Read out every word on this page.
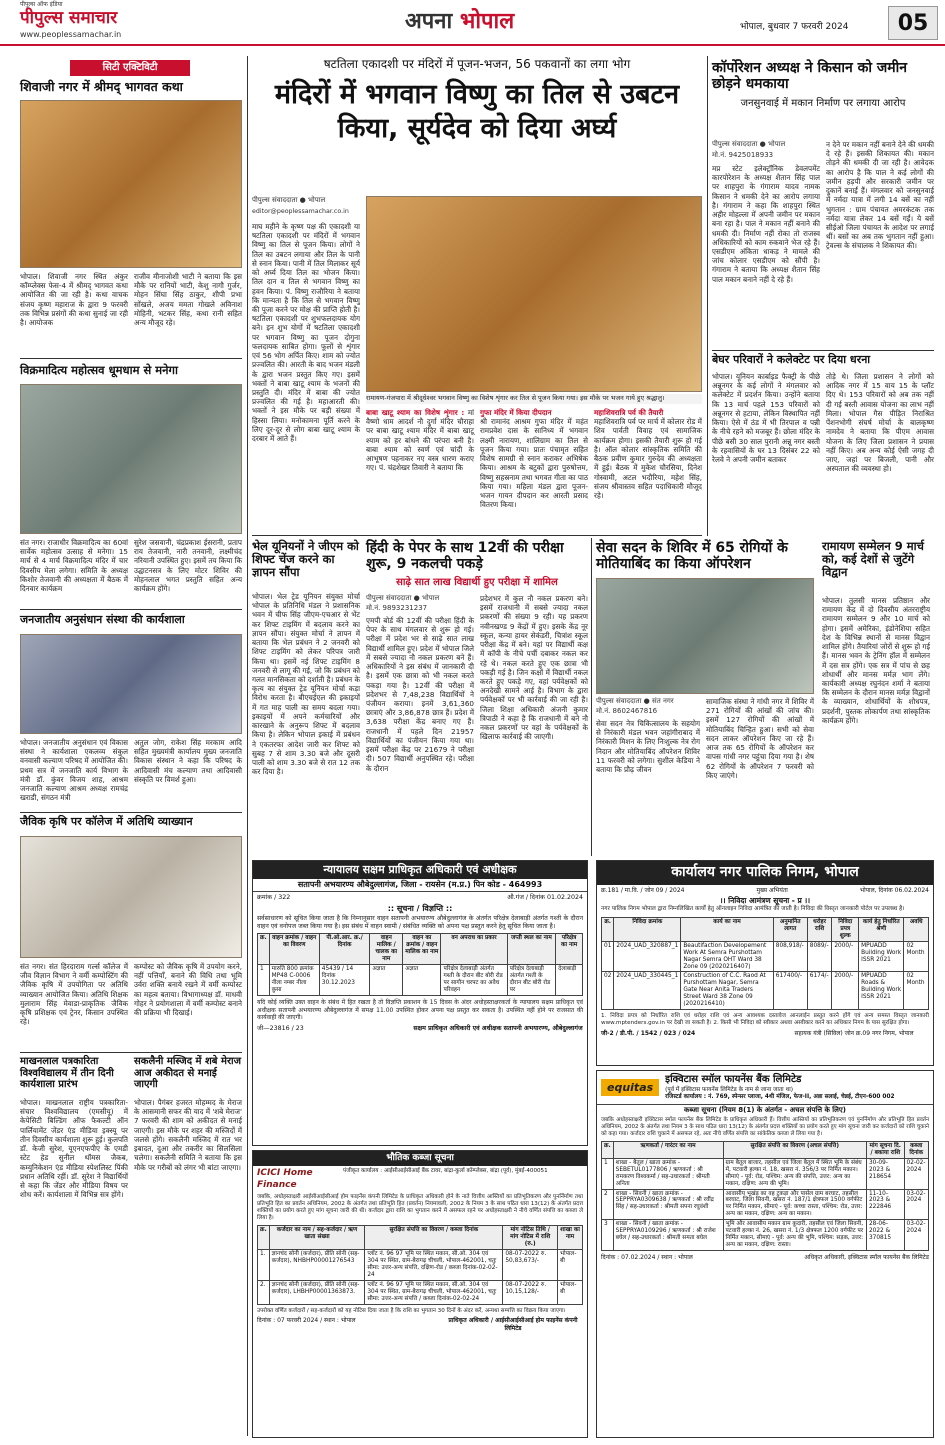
पीपुल्स ऑफ इंडिया
पीपुल्स समाचार
www.peoplessamachar.in
अपना भोपाल	भोपाल, बुधवार 7 फरवरी 2024	05
सिटी एक्टिविटी
शिवाजी नगर में श्रीमद् भागवत कथा
भोपाल। शिवाजी नगर स्थित अंकुर कॉम्प्लेक्स फेस-4 में श्रीमद् भागवत कथा आयोजित की जा रही है। कथा वाचक संजय कृष्ण महाराज के द्वारा 9 फरवरी तक विभिन्न प्रसंगों की कथा सुनाई जा रही है। आयोजक
राजीव मीनाजोशी भाटी ने बताया कि इस मौके पर रानियों भाटी, केशु नागौ गुर्जर, मोहन सिंघा सिंह ठाकुर, शीपी प्रभा सोंखले, अजय ममता गोखले अविनाश मोहिनी, भटकर सिंह, कथा रानी सहित अन्य मौजूद रहे।
विक्रमादित्य महोत्सव धूमधाम से मनेगा
संत नगर। राजाधीर विक्रमादित्य का 60वां सार्वेक महोत्सव उत्साह से मनेगा। 15 मार्च से 4 मार्च विक्रमादित्य मंदिर में चार दिवसीय मेला लगेगा। समिति के अध्यक्ष किशोर तेजवानी की अध्यक्षता में बैठक में दिनवार कार्यक्रम
सुरेश जसवानी, चंद्रप्रकाश ईसरानी, प्रताप राय तेजवानी, नारी तनवानी, लक्ष्मीचंद नरियानी उपस्थित हुए। इसमें तय किया कि उद्घाटनसत्र के लिए मोटर शिविर की मोहनलाल भगत प्रस्तुति सहित अन्य कार्यक्रम होंगे।
जनजातीय अनुसंधान संस्था की कार्यशाला
भोपाल। जनजातीय अनुसंधान एवं विकास संस्था ने कार्यशाला एकलव्य संकुल वनवासी कल्याण परिषद में आयोजित की। प्रथम सत्र में जनजाति कार्य विभाग के मंत्री डॉ. कुंवर विजय शाह, आश्रम जनजाति कल्याण आश्रम अध्यक्ष रामचंद्र खराडी, संगठन मंत्री
अतुल जोग, राकेश सिंह मरकाम आदि सहित मुख्यमंत्री कार्यालय मुख्य जनजाति विकास संस्थान ने कहा कि परिषद के आदिवासी मंच कल्याण तथा आदिवासी संस्कृति पर विमर्श हुआ।
जैविक कृषि पर कॉलेज में अतिथि व्याख्यान
संत नगर। संत हिरदाराम गर्ल्स कॉलेज में जीव विज्ञान विभाग ने वर्मी कम्पोस्टिंग की जैविक कृषि में उपयोगिता पर अतिथि व्याख्यान आयोजित किया। अतिथि शिक्षक मुलाराम सिंह मेवाडा-प्राकृतिक जैविक कृषि प्रशिक्षक एवं ट्रेनर, किसान उपस्थित रहे।
कम्पोस्ट को जैविक कृषि में उपयोग करने, नहीं पत्तियाँ, बनाने की विधि तथा भूमि उर्वरा शक्ति बनाये रखने में वर्मी कम्पोस्ट का महत्व बताया। विभागाध्यक्ष डॉ. माधवी गोहर ने प्रयोगशाला में वर्मी कम्पोस्ट बनाने की प्रक्रिया भी दिखाई।
माखनलाल पत्रकारिता विश्वविद्यालय में तीन दिनी कार्यशाला प्रारंभ
भोपाल। माखनलाल राष्ट्रीय पत्रकारिता-संचार विश्वविद्यालय (एमसीयू) में केपेसिटी बिल्डिंग ऑफ फैकल्टी ऑन पार्लियामेंट जेंडर एंड मीडिया इक्स्यू पर तीन दिवसीय कार्यशाला शुरू हुई। कुलपति डॉ. केजी सुरेश, यूएनएफपीए के एमडी स्टेट हेड सुनील थॉमस जैकब, कम्युनिकेशन एंड मीडिया स्पेशलिस्ट पिंकी प्रधान अतिथि रहीं। डॉ. सुरेश ने विद्यार्थियों से कहा कि जेंडर और मीडिया विषय पर शोध करें। कार्यशाला में विभिन्न सत्र होंगे।
सकलैनी मस्जिद में शबे मेराज आज अकीदत से मनाई जाएगी
भोपाल। पैगंबर हजरत मोहम्मद के मेराज के आसमानी सफर की याद में 'शबे मेराज' 7 फरवरी की शाम को अकीदत से मनाई जाएगी। इस मौके पर शहर की मस्जिदों में जलसे होंगे। सकलैनी मस्जिद में रात भर इबादत, दुआ और तकरीर का सिलसिला चलेगा। सकलैनी समिति ने बताया कि इस मौके पर गरीबों को लंगर भी बांटा जाएगा।
षटतिला एकादशी पर मंदिरों में पूजन-भजन, 56 पकवानों का लगा भोग
मंदिरों में भगवान विष्णु का तिल से उबटन किया, सूर्यदेव को दिया अर्घ्य
पीपुल्स संवाददाता ● भोपाल
editor@peoplessamachar.co.in
माघ महीने के कृष्ण पक्ष की एकादशी या षटतिला एकादशी पर मंदिरों में भगवान विष्णु का तिल से पूजन किया। लोगों ने तिल का उबटन लगाया और तिल के पानी से स्नान किया। पानी में तिल मिलाकर सूर्य को अर्घ्य दिया तिल का भोजन किया। तिल दान व तिल से भगवान विष्णु का हवन किया। पं. विष्णु राजौरिया ने बताया कि मान्यता है कि तिल से भगवान विष्णु की पूजा करने पर मोक्ष की प्राप्ति होती है। षटतिला एकादशी पर शुभफलदायक योग बने। इन शुभ योगों में षटतिला एकादशी पर भगवान विष्णु का पूजन दोगुना फलदायक साबित होगा। फूलों से शृंगार एवं 56 भोग अर्पित किए। शाम को ज्योत प्रज्वलित की। आरती के बाद भजन मंडली के द्वारा भजन प्रस्तुत किए गए। इसमें भक्तों ने बाबा खाटू श्याम के भजनों की प्रस्तुति दी। मंदिर में बाबा की ज्योत प्रज्वलित की गई है। महाआरती की। भक्तों ने इस मौके पर बड़ी संख्या में हिस्सा लिया। मनोकामना पूर्ति करने के लिए दूर-दूर से लोग बाबा खाटू श्याम के दरबार में आते हैं।
रामायण-गंजपारा में श्रीदूधेश्वर भगवान विष्णु का विशेष शृंगार कर तिल से पूजन किया गया। इस मौके पर भजन गाये हुए श्रद्धालु।
बाबा खाटू श्याम का विशेष शृंगार : मां वैष्णो धाम आदर्श नौ दुर्गा मंदिर चौराहा पर बाबा खाटू श्याम मंदिर में बाबा खाटू श्याम को हर बांधने की परंपरा बनी है। बाबा श्याम को स्वर्ण एवं चांदी के आभूषण पहनाकर नए वस्त्र धारण कराए गए। पं. चंद्रशेखर तिवारी ने बताया कि
गुफा मंदिर में किया दीपदान
श्री रामानंद आश्रम गुफा मंदिर में महंत रामप्रवेश दास के सानिध्य में भगवान लक्ष्मी नारायण, शालिग्राम का तिल से पूजन किया गया। प्रातः पंचामृत सहित विशेष सामग्री से स्नान कराकर अभिषेक किया। आश्रम के बटुकों द्वारा पुरुषोत्तम, विष्णु सहस्रनाम तथा भगवत गीता का पाठ किया गया। महिला मंडल द्वारा पूजन-भजन गायन दीपदान कर आरती प्रसाद वितरण किया।
महाशिवरात्रि पर्व की तैयारी
महाशिवरात्रि पर्व पर मार्च में कोलार रोड में शिव पार्वती विवाह एवं सामाजिक कार्यक्रम होगा। इसकी तैयारी शुरू हो गई है। ऑल कोलार सांस्कृतिक समिति की बैठक प्रवीण कुमार गुरुदेव की अध्यक्षता में हुई। बैठक में मुकेश चौरसिया, दिनेश गोस्वामी, अटल भदौरिया, महेश सिंह, संजय श्रीवास्तव सहित पदाधिकारी मौजूद रहे।
भेल यूनियनों ने जीएम को शिफ्ट चेंज करने का ज्ञापन सौंपा
भोपाल। भेल ट्रेड यूनियन संयुक्त मोर्चा भोपाल के प्रतिनिधि मंडल ने प्रशासनिक भवन में चीफ सिंह जीएम-एचआर से भेंट कर शिफ्ट टाइमिंग में बदलाव करने का ज्ञापन सौंपा। संयुक्त मोर्चा ने ज्ञापन में बताया कि भेल प्रबंधन ने 2 जनवरी को शिफ्ट टाइमिंग को लेकर परिपत्र जारी किया था। इसमें नई शिफ्ट टाइमिंग 8 जनवरी से लागू की गई, जो कि प्रबंधन को गलत मानसिकता को दर्शाती है। प्रबंधन के कृत्य का संयुक्त ट्रेड यूनियन मोर्चा कड़ा विरोध करता है। बीएचईएल की इकाइयों में गत माह पाली का समय बदला गया। इकाइयों में अपने कर्मचारियों और कारखाने के अनुरूप शिफ्ट में बदलाव किया है। लेकिन भोपाल इकाई में प्रबंधन ने एकतरफा आदेश जारी कर शिफ्ट को सुबह 7 से शाम 3.30 बजे और दूसरी पाली को शाम 3.30 बजे से रात 12 तक कर दिया है।
हिंदी के पेपर के साथ 12वीं की परीक्षा शुरू, 9 नकलची पकड़े
साढ़े सात लाख विद्यार्थी हुए परीक्षा में शामिल
पीपुल्स संवाददाता ● भोपाल
मो.नं. 9893231237
एमपी बोर्ड की 12वीं की परीक्षा हिंदी के पेपर के साथ मंगलवार से शुरू हो गई। परीक्षा में प्रदेश भर से साढ़े सात लाख विद्यार्थी शामिल हुए। प्रदेश में भोपाल जिले में सबसे ज्यादा नौ नकल प्रकरण बने हैं। अधिकारियों ने इस संबंध में जानकारी दी है। इसमें एक छात्रा को भी नकल करते पकड़ा गया है। 12वीं की परीक्षा में प्रदेशभर से 7,48,238 विद्यार्थियों ने पंजीयन कराया। इनमें 3,61,360 छात्राएं और 3,86,878 छात्र हैं। प्रदेश में 3,638 परीक्षा केंद्र बनाए गए हैं। राजधानी में पहले दिन 21957 विद्यार्थियों का पंजीयन किया गया था। इसमें परीक्षा केंद्र पर 21679 ने परीक्षा दी। 507 विद्यार्थी अनुपस्थित रहे। परीक्षा के दौरान
प्रदेशभर में कुल नौ नकल प्रकरण बने। इसमें राजधानी में सबसे ज्यादा नकल प्रकरणों की संख्या 9 रही। यह प्रकरण नवीनखण्ड 9 केंद्रों में हुए। इसके केंद्र नूर स्कूल, कन्या हायर सेकंडरी, चित्रांश स्कूल परीक्षा केंद्र में बने। यहां पर विद्यार्थी कक्ष में कॉपी के नीचे पर्ची दबाकर नकल कर रहे थे। नकल करते हुए एक छात्रा भी पकड़ी गई है। जिन कक्षों में विद्यार्थी नकल करते हुए पकड़े गए, वहां पर्यवेक्षकों को अनदेखी सामने आई है। विभाग के द्वारा पर्यवेक्षकों पर भी कार्रवाई की जा रही है। जिला शिक्षा अधिकारी अंजनी कुमार त्रिपाठी ने कहा है कि राजधानी में बने नौ नकल प्रकरणों पर वहां के पर्यवेक्षकों के खिलाफ कार्रवाई की जाएगी।
सेवा सदन के शिविर में 65 रोगियों के मोतियाबिंद का किया ऑपरेशन
पीपुल्स संवाददाता ● संत नगर
मो.नं. 8602467816
सेवा सदन नेत्र चिकित्सालय के सहयोग से निरंकारी मंडल भवन जहांगीराबाद में निरंकारी मिशन के लिए निःशुल्क नेत्र रोग निदान और मोतियाबिंद ऑपरेशन शिविर 11 फरवरी को लगेगा। सुशील केडिया ने बताया कि प्रौढ़ जीवन
सामाजिक संस्था ने गांधी नगर में शिविर में 271 रोगियों की आंखों की जांच की। इसमें 127 रोगियों की आंखों में मोतियाबिंद चिन्हित हुआ। सभी को सेवा सदन लाकर ऑपरेशन किए जा रहे हैं। आज तक 65 रोगियों के ऑपरेशन कर वापस गांधी नगर पहुंचा दिया गया है। शेष 62 रोगियों के ऑपरेशन 7 फरवरी को किए जाएंगे।
रामायण सम्मेलन 9 मार्च को, कई देशों से जुटेंगे विद्वान
भोपाल। तुलसी मानस प्रतिष्ठान और रामायण केंद्र में दो दिवसीय अंतरराष्ट्रीय रामायण सम्मेलन 9 और 10 मार्च को होगा। इसमें अमेरिका, इंडोनेशिया सहित देश के विभिन्न स्थानों से मानस विद्वान शामिल होंगे। तैयारियां जोरों से शुरू हो गई हैं। मानस भवन के ट्रेनिंग हॉल में सम्मेलन में दस सत्र होंगे। एक सत्र में पांच से छह शोधार्थी और मानस मर्मज्ञ भाग लेंगे। कार्यकारी अध्यक्ष रघुनंदन शर्मा ने बताया कि सम्मेलन के दौरान मानस मर्मज्ञ विद्वानों के व्याख्यान, शोधार्थियों के शोधपत्र, प्रदर्शनी, पुस्तक लोकार्पण तथा सांस्कृतिक कार्यक्रम होंगे।
कॉर्पोरेशन अध्यक्ष ने किसान को जमीन छोड़ने धमकाया
जनसुनवाई में मकान निर्माण पर लगाया आरोप
पीपुल्स संवाददाता ● भोपाल
मो.नं. 9425018933
मप्र स्टेट इलेक्ट्रॉनिक डेवलपमेंट कारपोरेशन के अध्यक्ष शैतान सिंह पाल पर शाहपुरा के गंगाराम यादव नामक किसान ने धमकी देने का आरोप लगाया है। गंगाराम ने कहा कि शाहपुरा स्थित अहीर मोहल्ला में अपनी जमीन पर मकान बना रहा है। पाल ने मकान नहीं बनाने की धमकी दी। निर्माण नहीं रोका तो राजस्व अधिकारियों को काम रुकवाने भेज रहे हैं। एसडीएम अंकिता धाकड़ ने मामले की जांच कोलार एसडीएम को सौंपी है। गंगाराम ने बताया कि अध्यक्ष शैतान सिंह पाल मकान बनाने नहीं दे रहे हैं।
न देने पर मकान नहीं बनाने देने की धमकी दे रहे हैं। इसकी शिकायत की। मकान तोड़ने की धमकी दी जा रही है। आवेदक का आरोप है कि पाल ने कई लोगों की जमीन हड़पी और सरकारी जमीन पर दुकानें बनाईं हैं। मंगलवार को जनसुनवाई में नर्मदा यात्रा में लगी 14 बसें का नहीं भुगतान : ग्राम पंचायत अमरकंटक तक नर्मदा यात्रा लेकर 14 बसें गईं। ये बसें सीईओ जिला पंचायत के आदेश पर लगाई थीं। बसों का अब तक भुगतान नहीं हुआ। ट्रेवल्स के संचालक ने शिकायत की।
बेघर परिवारों ने कलेक्टेट पर दिया धरना
भोपाल। यूनियन कार्बाइड फैक्ट्री के पीछे अन्नूनगर के कई लोगों ने मंगलवार को कलेक्टेट में प्रदर्शन किया। उन्होंने बताया कि 13 मार्च पहले 153 परिवारों को अन्नूनगर से हटाया, लेकिन विस्थापित नहीं किया। ऐसे में ठंड में भी तिरपाल व पन्नी के नीचे रहने को मजबूर हैं। छोला मंदिर के पीछे बसी 30 साल पुरानी अन्नू नगर बस्ती के रहवासियों के घर 13 दिसंबर 22 को रेलवे ने अपनी जमीन बताकर
तोड़े थे। जिला प्रशासन ने लोगों को आदिक नगर में 15 वाय 15 के प्लॉट दिए थे। 153 परिवारों को अब तक नहीं दी गई बस्ती आवास योजना का लाभ नहीं मिला। भोपाल गैस पीड़ित निराश्रित पेंशनभोगी संघर्ष मोर्चा के बालकृष्ण नामदेव ने बताया कि पीएम आवास योजना के लिए जिला प्रशासन ने प्रयास नहीं किए। अब अन्य कोई ऐसी जगह दी जाए, जहां पर बिजली, पानी और अस्पताल की व्यवस्था हो।
न्यायालय सक्षम प्राधिकृत अधिकारी एवं अधीक्षक
सतापनी अभयारण्य औबेदुल्लागंज, जिला - रायसेन (म.प्र.) पिन कोड - 464993
क्रमांक / 322	औ.गंज / दिनांक 01.02.2024
:: सूचना / विज्ञप्ति ::
सर्वसाधारण को सूचित किया जाता है कि निम्नानुसार वाहन सतापनी अभयारण्य औबेदुल्लागंज के अंतर्गत परिक्षेत्र देलाबाड़ी अंतर्गत गश्ती के दौरान वाहन एवं वनोपज जब्त किया गया है। इस संबंध में वाहन स्वामी / संबंधित व्यक्ति को अपना पक्ष प्रस्तुत करने हेतु सूचित किया जाता है।
क्र.	वाहन क्रमांक / वाहन का विवरण	पी.ओ.आर. क्र./दिनांक	वाहन मालिक / चालक का नाम	वाहन का क्रमांक / वाहन मालिक का नाम	वन अपराध का प्रकार	जप्ती स्थल का नाम	परिक्षेत्र का नाम
1	मारुति 800 क्रमांक MP48 C-0006 नीला नम्बर नीला कुसा	45439 / 14 दिनांक 30.12.2023	अज्ञात	अज्ञात	परिक्षेत्र देलाबाड़ी अंतर्गत गश्ती के दौरान बीट बोरी रोड पर सागौन चरपट का अवैध परिवहन	परिक्षेत्र देलाबाड़ी अंतर्गत गश्ती के दौरान बीट बोरी रोड पर	देलाबाड़ी
यदि कोई व्यक्ति उक्त वाहन के संबंध में हित रखता है तो विज्ञप्ति प्रकाशन के 15 दिवस के अंदर अधोहस्ताक्षरकर्ता के न्यायालय सक्षम प्राधिकृत एवं अधीक्षक सतापनी अभयारण्य औबेदुल्लागंज में समक्ष 11.00 उपस्थित होकर अपना पक्ष प्रस्तुत कर सकता है। उपस्थित नहीं होने पर राजसात की कार्यवाही की जाएगी।
जी—23816 / 23	सक्षम प्राधिकृत अधिकारी एवं अधीक्षक सतापनी अभयारण्य, औबेदुल्लागंज
कार्यालय नगर पालिक निगम, भोपाल
क्र.181 / मा.वि. / जोन 09 / 2024	मुख्य अभियंता	भोपाल, दिनांक 06.02.2024
।। निविदा आमंत्रण सूचना - प्र ।।
नगर पालिक निगम भोपाल द्वारा निम्नलिखित कार्यों हेतु ऑनलाइन निविदा आमंत्रित की जाती है। निविदा की विस्तृत जानकारी पोर्टल पर उपलब्ध है।
क्र.	निविदा क्रमांक	कार्य का नाम	अनुमानित लागत	धरोहर राशि	निविदा प्रपत्र शुल्क	कार्य हेतु निर्धारित श्रेणी	अवधि
01	2024_UAD_320887_1	Beautifaction Developement Work At Semra Purshottam Nagar Semra OHT Ward 38 Zone 09 (2020216407)	808,918/-	8089/-	2000/-	MPUADD Building Work ISSR 2021	02 Month
02	2024_UAD_330445_1	Construction of C.C. Raod At Purshottam Nagar, Semra Gate Near Anita Traders Street Ward 38 Zone 09 (2020216410)	617400/-	6174/-	2000/-	MPUADD Roads & Building Work ISSR 2021	02 Month
1. निविदा प्रपत्र को निर्धारित राशि एवं धरोहर राशि एवं अन्य आवश्यक दस्तावेज आनलाईन प्रस्तुत करने होंगे एवं अन्य समस्त विस्तृत जानकारी www.mptenders.gov.in पर देखी जा सकती है। 2. किसी भी निविदा को स्वीकार अथवा अस्वीकार करने का अधिकार निगम के पास सुरक्षित होगा।
जी-2 / डी.पी. / 1542 / 023 / 024	सहायक यंत्री (सिविल) जोन क्र.09 नगर निगम, भोपाल
भौतिक कब्जा सूचना
ICICI Home Finance
पंजीकृत कार्यालय : आईसीआईसीआई बैंक टावर, बांद्रा-कुर्ला कॉम्प्लेक्स, बांद्रा (पूर्व), मुंबई-400051
जबकि, अधोहस्ताक्षरी आईसीआईसीआई होम फाइनेंस कंपनी लिमिटेड के प्राधिकृत अधिकारी होने के नाते वित्तीय आस्तियों का प्रतिभूतिकरण और पुनर्निर्माण तथा प्रतिभूति हित का प्रवर्तन अधिनियम, 2002 के अंतर्गत तथा प्रतिभूति हित (प्रवर्तन) नियमावली, 2002 के नियम 3 के साथ पठित धारा 13(12) के अंतर्गत प्रदत्त शक्तियों का प्रयोग करते हुए मांग सूचना जारी की थी। कर्जदार द्वारा राशि का भुगतान करने में असफल रहने पर अधोहस्ताक्षरी ने नीचे वर्णित संपत्ति का कब्जा ले लिया है।
क्र.	कर्जदार का नाम / सह-कर्जदार / ऋण खाता संख्या	सुरक्षित संपत्ति का विवरण / कब्जा दिनांक	मांग नोटिस तिथि / मांग नोटिस में राशि (रु.)	शाखा का नाम
1.	ज्ञानचंद सोनी (कर्जदार), प्रीति सोनी (सह-कर्जदार), NHBHP00001276543	प्लॉट नं. 96 97 भूमि पर स्थित मकान, सी.ओ. 304 एवं 304 पर स्थित, ग्राम-बैरागढ़ चीचली, भोपाल-462001, चतुः सीमा: उत्तर-अन्य संपत्ति, दक्षिण-रोड / कब्जा दिनांक-02-02-24	08-07-2022 रु. 50,83,673/-	भोपाल-बी
2.	ज्ञानचंद सोनी (कर्जदार), प्रीति सोनी (सह-कर्जदार), LHBHP00001363873.	प्लॉट नं. 96 97 भूमि पर स्थित मकान, सी.ओ. 304 एवं 304 पर स्थित, ग्राम-बैरागढ़ चीचली, भोपाल-462001, चतुः सीमा: उत्तर-अन्य संपत्ति / कब्जा दिनांक-02-02-24	08-07-2022 रु. 10,15,128/-	भोपाल-बी
उपरोक्त वर्णित कर्जदारों / सह-कर्जदारों को यह नोटिस दिया जाता है कि राशि का भुगतान 30 दिनों के अंदर करें, अन्यथा सम्पत्ति का विक्रय किया जाएगा।
दिनांक : 07 फरवरी 2024 / स्थान : भोपाल	प्राधिकृत अधिकारी / आईसीआईसीआई होम फाइनेंस कंपनी लिमिटेड
equitas
इक्विटास स्मॉल फायनेंस बैंक लिमिटेड
(पूर्व में इक्विटास फायनेंस लिमिटेड के नाम से जाना जाता था)
रजिस्टर्ड कार्यालय : नं. 769, स्पेन्सर प्लाजा, 4थी मंजिल, फेज-II, अन्ना सलाई, चेन्नई, टीएन-600 002
कब्जा सूचना (नियम 8(1) के अंतर्गत - अचल संपत्ति के लिए)
जबकि अधोहस्ताक्षरी इक्विटास स्मॉल फायनेंस बैंक लिमिटेड के प्राधिकृत अधिकारी हैं। वित्तीय आस्तियों का प्रतिभूतिकरण एवं पुनर्निर्माण और प्रतिभूति हित प्रवर्तन अधिनियम, 2002 के अंतर्गत तथा नियम 3 के साथ पठित धारा 13(12) के अंतर्गत प्रदत्त शक्तियों का प्रयोग करते हुए मांग सूचना जारी कर कर्जदारों को राशि चुकाने को कहा गया। कर्जदार राशि चुकाने में असफल रहे, अतः नीचे वर्णित संपत्ति का सांकेतिक कब्जा ले लिया गया है।
क्र.	ऋणकर्ता / गारंटर का नाम	सुरक्षित संपत्ति का विवरण (अचल संपत्ति)	मांग सूचना दि. / बकाया राशि	कब्जा दिनांक
1	शाखा - बैतूल / खाता क्रमांक - SEBETUL0177806 / ऋणकर्ता : श्री रामकरण विश्वकर्मा / सह-उधारकर्ता : श्रीमती अनिता	ग्राम बैतूल बाजार, तहसील एवं जिला बैतूल में स्थित भूमि के संबंध में, पटवारी हल्का नं. 18, खसरा नं. 356/3 पर निर्मित मकान। सीमाएं - पूर्व: रोड, पश्चिम: अन्य की संपत्ति, उत्तर: अन्य का मकान, दक्षिण: अन्य की भूमि।	30-09-2023 & 218654	02-02-2024
2	शाखा - सिवनी / खाता क्रमांक - SEPPRYA0309638 / ऋणकर्ता : श्री रवींद्र सिंह / सह-उधारकर्ता : श्रीमती सपना रघुवंशी	आवासीय भूखंड का वह टुकड़ा और पार्सल ग्राम बरघाट, तहसील बरघाट, जिला सिवनी, खसरा नं. 187/1 क्षेत्रफल 1500 वर्गफीट पर निर्मित मकान, सीमाएं - पूर्व: कच्चा रास्ता, पश्चिम: रोड, उत्तर: अन्य का मकान, दक्षिण: अन्य का मकान।	11-10-2023 & 222846	03-02-2024
3	शाखा - सिवनी / खाता क्रमांक - SEPPRYA0109296 / ऋणकर्ता : श्री राजेश बघेल / सह-उधारकर्ता : श्रीमती समता बघेल	भूमि और आवासीय मकान ग्राम कुदारी, तहसील एवं जिला सिवनी, पटवारी हल्का नं. 26, खसरा नं. 1/3 क्षेत्रफल 1200 वर्गफीट पर निर्मित मकान, सीमाएं - पूर्व: अन्य की भूमि, पश्चिम: सड़क, उत्तर: अन्य का मकान, दक्षिण: रास्ता।	28-06-2022 & 370815	03-02-2024
दिनांक : 07.02.2024 / स्थान : भोपाल	अधिकृत अधिकारी, इक्विटास स्मॉल फायनेंस बैंक लिमिटेड
